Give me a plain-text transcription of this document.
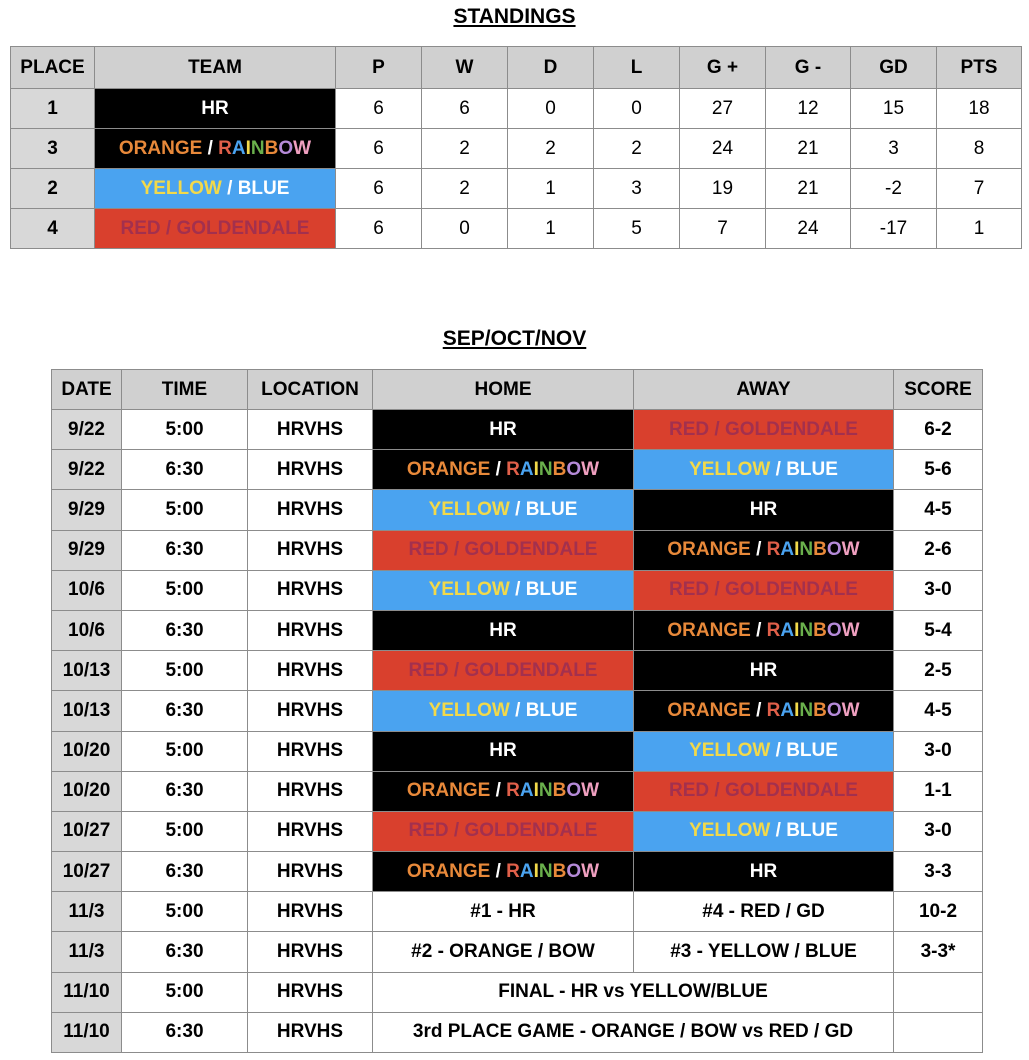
STANDINGS
PLACE	TEAM	P	W	D	L	G +	G -	GD	PTS
1	HR	6	6	0	0	27	12	15	18
3	ORANGE / RAINBOW	6	2	2	2	24	21	3	8
2	YELLOW / BLUE	6	2	1	3	19	21	-2	7
4	RED / GOLDENDALE	6	0	1	5	7	24	-17	1
SEP/OCT/NOV
DATE	TIME	LOCATION	HOME	AWAY	SCORE
9/22	5:00	HRVHS	HR	RED / GOLDENDALE	6-2
9/22	6:30	HRVHS	ORANGE / RAINBOW	YELLOW / BLUE	5-6
9/29	5:00	HRVHS	YELLOW / BLUE	HR	4-5
9/29	6:30	HRVHS	RED / GOLDENDALE	ORANGE / RAINBOW	2-6
10/6	5:00	HRVHS	YELLOW / BLUE	RED / GOLDENDALE	3-0
10/6	6:30	HRVHS	HR	ORANGE / RAINBOW	5-4
10/13	5:00	HRVHS	RED / GOLDENDALE	HR	2-5
10/13	6:30	HRVHS	YELLOW / BLUE	ORANGE / RAINBOW	4-5
10/20	5:00	HRVHS	HR	YELLOW / BLUE	3-0
10/20	6:30	HRVHS	ORANGE / RAINBOW	RED / GOLDENDALE	1-1
10/27	5:00	HRVHS	RED / GOLDENDALE	YELLOW / BLUE	3-0
10/27	6:30	HRVHS	ORANGE / RAINBOW	HR	3-3
11/3	5:00	HRVHS	#1 - HR	#4 - RED / GD	10-2
11/3	6:30	HRVHS	#2 - ORANGE / BOW	#3 - YELLOW / BLUE	3-3*
11/10	5:00	HRVHS	FINAL - HR vs YELLOW/BLUE		
11/10	6:30	HRVHS	3rd PLACE GAME - ORANGE / BOW vs RED / GD		
